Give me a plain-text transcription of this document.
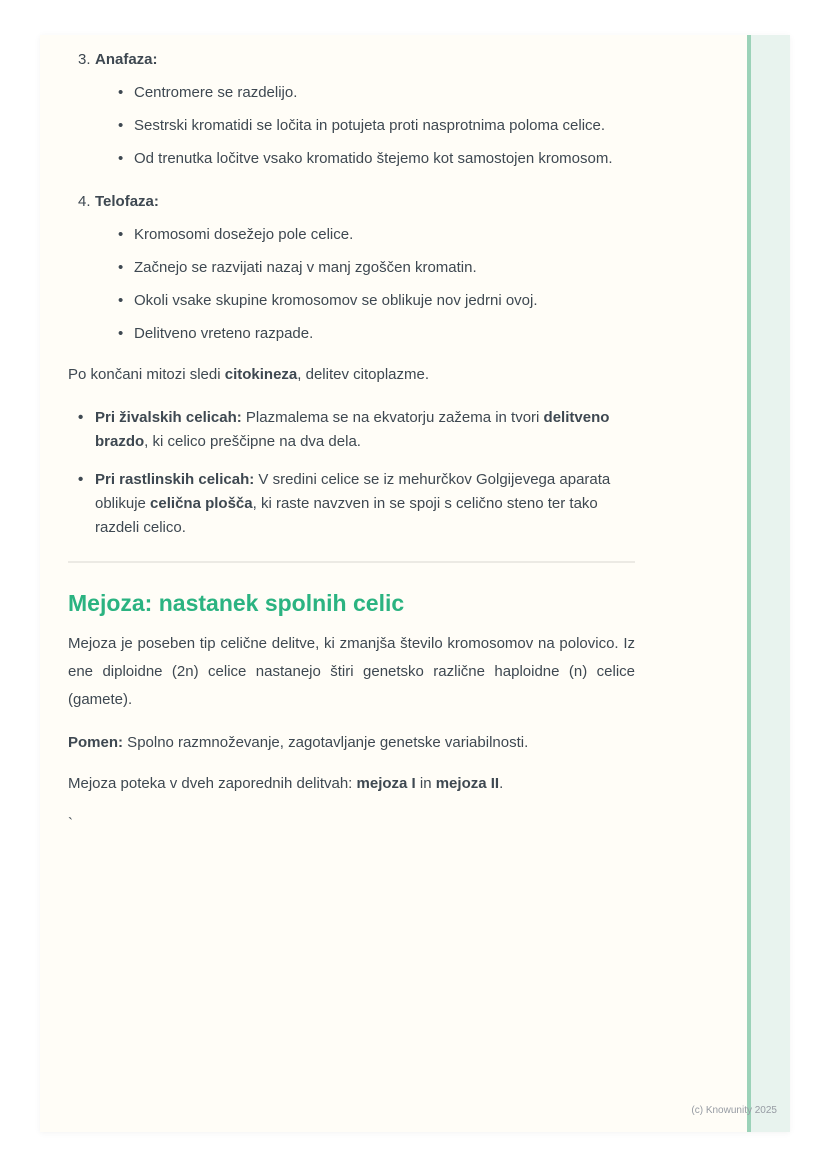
3. Anafaza:
• Centromere se razdelijo.
• Sestrski kromatidi se ločita in potujeta proti nasprotnima poloma celice.
• Od trenutka ločitve vsako kromatido štejemo kot samostojen kromosom.
4. Telofaza:
• Kromosomi dosežejo pole celice.
• Začnejo se razvijati nazaj v manj zgoščen kromatin.
• Okoli vsake skupine kromosomov se oblikuje nov jedrni ovoj.
• Delitveno vreteno razpade.

Po končani mitozi sledi citokineza, delitev citoplazme.

• Pri živalskih celicah: Plazmalema se na ekvatorju zažema in tvori delitveno brazdo, ki celico preščipne na dva dela.
• Pri rastlinskih celicah: V sredini celice se iz mehurčkov Golgijevega aparata oblikuje celična plošča, ki raste navzven in se spoji s celično steno ter tako razdeli celico.
Mejoza: nastanek spolnih celic

Mejoza je poseben tip celične delitve, ki zmanjša število kromosomov na polovico. Iz ene diploidne (2n) celice nastanejo štiri genetsko različne haploidne (n) celice (gamete).

Pomen: Spolno razmnoževanje, zagotavljanje genetske variabilnosti.

Mejoza poteka v dveh zaporednih delitvah: mejoza I in mejoza II.

`

(c) Knowunity 2025
